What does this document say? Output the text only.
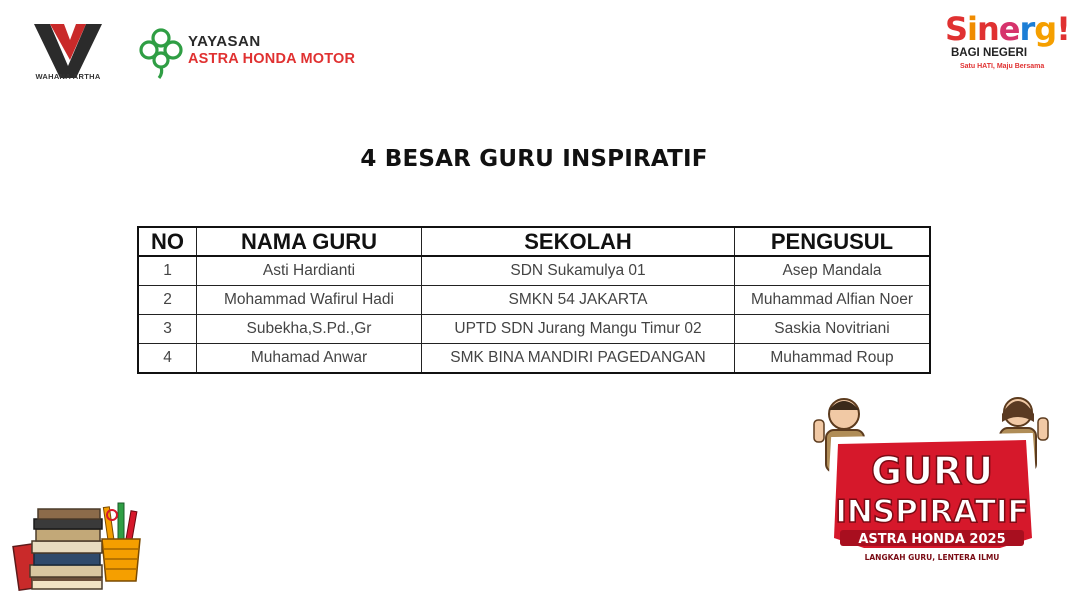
WAHANA ARTHA
YAYASAN
ASTRA HONDA MOTOR
Sinerg!
BAGI NEGERI
Satu HATI, Maju Bersama
4 BESAR GURU INSPIRATIF
NO	NAMA GURU	SEKOLAH	PENGUSUL
1	Asti Hardianti	SDN Sukamulya 01	Asep Mandala
2	Mohammad Wafirul Hadi	SMKN 54 JAKARTA	Muhammad Alfian Noer
3	Subekha,S.Pd.,Gr	UPTD SDN Jurang Mangu Timur 02	Saskia Novitriani
4	Muhamad Anwar	SMK BINA MANDIRI PAGEDANGAN	Muhammad Roup
GURU
INSPIRATIF
ASTRA HONDA 2025
LANGKAH GURU, LENTERA ILMU
